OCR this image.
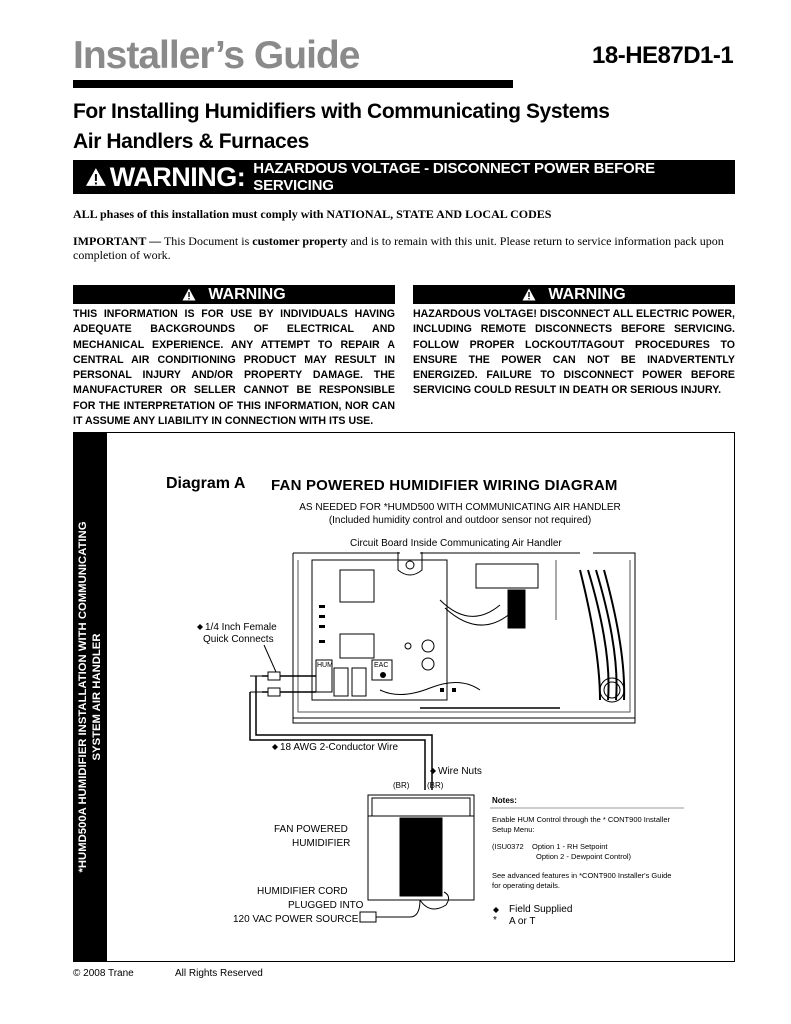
Installer’s Guide	18-HE87D1-1
For Installing Humidifiers with Communicating Systems
Air Handlers & Furnaces
WARNING: HAZARDOUS VOLTAGE - DISCONNECT POWER BEFORE SERVICING
ALL phases of this installation must comply with NATIONAL, STATE AND LOCAL CODES
IMPORTANT — This Document is customer property and is to remain with this unit. Please return to service information pack upon completion of work.
WARNING
THIS INFORMATION IS FOR USE BY INDIVIDUALS HAVING ADEQUATE BACKGROUNDS OF ELECTRICAL AND MECHANICAL EXPERIENCE. ANY ATTEMPT TO REPAIR A CENTRAL AIR CONDITIONING PRODUCT MAY RESULT IN PERSONAL INJURY AND/OR PROPERTY DAMAGE. THE MANUFACTURER OR SELLER CANNOT BE RESPONSIBLE FOR THE INTERPRETATION OF THIS INFORMATION, NOR CAN IT ASSUME ANY LIABILITY IN CONNECTION WITH ITS USE.
WARNING
HAZARDOUS VOLTAGE! DISCONNECT ALL ELECTRIC POWER, INCLUDING REMOTE DISCONNECTS BEFORE SERVICING. FOLLOW PROPER LOCKOUT/TAGOUT PROCEDURES TO ENSURE THE POWER CAN NOT BE INADVERTENTLY ENERGIZED. FAILURE TO DISCONNECT POWER BEFORE SERVICING COULD RESULT IN DEATH OR SERIOUS INJURY.
*HUMD500A HUMIDIFIER INSTALLATION WITH COMMUNICATING SYSTEM AIR HANDLER
Diagram A FAN POWERED HUMIDIFIER WIRING DIAGRAM
AS NEEDED FOR *HUMD500 WITH COMMUNICATING AIR HANDLER
(Included humidity control and outdoor sensor not required)
Circuit Board Inside Communicating Air Handler
1/4 Inch Female
Quick Connects
HUM	EAC
18 AWG 2-Conductor Wire
Wire Nuts
(BR) (BR)
FAN POWERED
HUMIDIFIER
HUMIDIFIER CORD
PLUGGED INTO
120 VAC POWER SOURCE
Notes:
Enable HUM Control through the * CONT900 Installer
Setup Menu:
(ISU0372    Option 1 - RH Setpoint
Option 2 - Dewpoint Control)
See advanced features in *CONT900 Installer's Guide
for operating details.
Field Supplied
* A or T
© 2008 Trane	All Rights Reserved
